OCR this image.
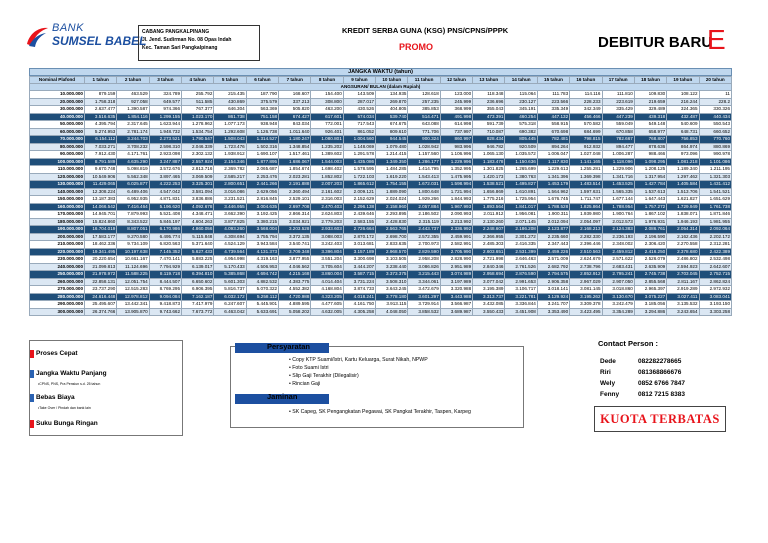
BANK
SUMSEL BABEL
CABANG PANGKALPINANG
Jl. Jend. Sudirman No. 08 Opas Indah
Kec. Taman Sari Pangkalpinang
KREDIT SERBA GUNA (KSG) PNS/CPNS/PPPK
PROMO	DEBITUR BARU
E
JANGKA WAKTU (tahun)
Nominal Plafond	1 tahun	2 tahun	3 tahun	4 tahun	5 tahun	6 tahun	7 tahun	8 tahun	9 tahun	10 tahun	11 tahun	12 tahun	13 tahun	14 tahun	15 tahun	16 tahun	17 tahun	18 tahun	19 tahun	20 tahun
ANGSURAN/ BULAN (dalam Rupiah)																				
10.000.000	879.159	463.529	324.789	255.792	215.435	187.790	168.607	154.400	143.509	134.935	128.618	123.000	118.348	115.064	111.783	114.116	111.810	109.830	108.122	11
20.000.000	1.758.318	927.058	649.577	511.585	430.869	375.579	337.213	308.800	287.017	269.870	257.235	245.999	236.696	230.127	223.566	228.233	223.619	219.659	216.244	228.2
30.000.000	2.637.477	1.390.587	974.366	767.377	646.304	563.369	505.820	463.200	430.526	404.805	385.853	368.999	355.043	345.191	335.349	342.349	335.429	329.489	324.365	330.326
40.000.000	3.516.635	1.854.116	1.299.155	1.023.170	861.738	751.158	674.427	617.601	574.034	539.740	514.471	491.998	473.391	460.254	447.132	456.466	447.239	439.318	432.487	440.434
50.000.000	4.395.794	2.317.645	1.623.944	1.278.962	1.077.173	938.948	843.034	772.001	717.543	674.675	643.088	614.998	591.739	575.318	558.915	570.582	559.049	549.148	540.609	550.543
60.000.000	5.274.953	2.781.174	1.948.732	1.534.754	1.292.608	1.126.738	1.011.640	926.401	861.052	809.610	771.706	737.997	710.087	690.382	670.698	684.699	670.858	658.977	648.731	660.652
70.000.000	6.154.112	3.244.703	2.273.521	1.790.547	1.508.043	1.314.527	1.180.247	1.080.801	1.004.560	944.545	900.324	860.997	828.434	805.445	782.481	798.815	782.667	768.807	756.853	770.760
80.000.000	7.033.271	3.708.232	2.598.310	2.046.339	1.723.476	1.502.316	1.348.854	1.235.202	1.148.069	1.079.480	1.028.942	983.996	946.782	920.509	894.264	912.932	894.477	878.636	864.974	880.869
90.000.000	7.912.430	4.171.761	2.923.098	2.302.132	1.938.912	1.690.107	1.517.461	1.389.602	1.291.578	1.214.415	1.157.560	1.106.996	1.065.130	1.035.572	1.006.047	1.027.048	1.006.287	988.466	973.096	990.978
100.000.000	8.791.589	4.635.290	3.247.887	2.557.924	2.154.346	1.877.895	1.686.067	1.544.003	1.435.086	1.349.350	1.286.177	1.229.996	1.183.478	1.150.636	1.117.830	1.141.165	1.118.096	1.098.295	1.081.218	1.101.086
110.000.000	9.670.748	5.098.819	3.572.676	2.813.716	2.369.782	2.065.687	1.854.674	1.698.402	1.578.595	1.484.285	1.414.795	1.352.995	1.301.825	1.265.699	1.229.613	1.255.281	1.229.906	1.208.125	1.189.340	1.211.195
120.000.000	10.549.906	5.562.348	3.897.465	3.069.509	2.585.217	2.253.476	2.023.281	1.852.802	1.722.103	1.619.220	1.543.413	1.475.995	1.420.173	1.380.763	1.341.396	1.369.398	1.341.716	1.317.954	1.297.462	1.321.303
130.000.000	11.429.065	6.025.877	4.222.253	3.325.301	2.800.651	2.441.266	2.191.888	2.007.203	1.865.612	1.754.155	1.672.031	1.598.994	1.538.521	1.495.827	1.453.179	1.483.514	1.453.525	1.427.784	1.405.584	1.431.412
140.000.000	12.308.224	6.489.406	4.547.042	3.581.094	3.016.086	2.629.056	2.360.494	2.161.602	2.009.121	1.889.090	1.800.648	1.721.994	1.656.869	1.610.891	1.564.962	1.597.631	1.565.335	1.537.613	1.513.706	1.541.521
150.000.000	13.187.383	6.952.935	4.871.831	3.836.886	3.231.521	2.816.845	2.529.101	2.316.003	2.152.629	2.024.024	1.929.266	1.844.993	1.775.216	1.725.954	1.676.745	1.711.747	1.677.144	1.647.443	1.621.827	1.651.629
160.000.000	14.066.542	7.416.464	5.196.620	4.092.678	3.446.955	3.004.635	2.697.708	2.470.403	2.296.138	2.158.960	2.057.884	1.967.993	1.893.564	1.841.017	1.788.528	1.825.864	1.788.954	1.757.272	1.729.949	1.761.738
170.000.000	14.945.701	7.879.993	5.521.408	4.348.471	3.662.390	3.192.425	2.866.314	2.624.803	2.439.646	2.293.895	2.186.502	2.090.993	2.011.912	1.956.081	1.900.311	1.939.980	1.900.764	1.867.102	1.838.071	1.871.846
180.000.000	15.824.860	8.343.522	5.846.197	4.604.263	3.877.825	3.380.215	3.034.921	2.779.203	2.583.155	2.428.830	2.315.119	2.213.992	2.130.260	2.071.145	2.012.094	2.054.097	2.012.573	1.976.931	1.946.193	1.981.955
190.000.000	16.704.019	8.807.051	6.170.986	4.860.056	4.093.260	3.568.004	3.203.528	2.933.603	2.726.664	2.563.765	2.443.737	2.336.992	2.248.607	2.186.208	2.123.877	2.168.213	2.124.383	2.086.761	2.054.314	2.092.064
200.000.000	17.583.177	9.270.580	6.495.774	5.115.848	4.308.694	3.755.794	3.372.135	3.088.003	2.870.172	2.698.700	2.572.355	2.459.991	2.366.955	2.301.272	2.235.660	2.282.330	2.236.193	2.196.590	2.162.436	2.202.172
210.000.000	18.462.336	9.734.109	6.820.563	5.371.640	4.524.129	3.943.584	3.540.741	3.242.403	3.013.681	2.833.635	2.700.973	2.582.991	2.485.303	2.416.335	2.347.443	2.396.446	2.348.002	2.306.420	2.270.558	2.312.281
220.000.000	19.341.495	10.197.638	7.145.352	5.627.433	4.739.564	4.131.373	3.709.348	3.396.804	3.157.189	2.968.570	2.829.590	2.705.990	2.603.651	2.531.399	2.459.226	2.510.563	2.459.812	2.416.250	2.378.680	2.422.389
230.000.000	20.220.654	10.661.167	7.470.141	5.883.225	4.954.998	4.319.163	3.877.955	3.551.204	3.300.698	3.103.505	2.958.208	2.828.990	2.721.998	2.646.463	2.571.009	2.624.679	2.571.622	2.526.079	2.486.802	2.532.498
240.000.000	21.099.813	11.124.696	7.794.929	6.139.017	5.170.433	4.506.953	4.046.562	3.705.604	3.444.207	3.238.440	3.086.826	2.951.989	2.840.346	2.761.526	2.682.792	2.738.796	2.683.431	2.635.909	2.594.923	2.642.607
250.000.000	21.978.972	11.588.225	8.119.718	6.394.810	5.385.868	4.694.742	4.215.168	3.860.004	3.587.715	3.373.375	3.215.443	3.074.989	2.958.694	2.876.590	2.794.575	2.852.912	2.795.241	2.745.738	2.703.045	2.752.715
260.000.000	22.858.131	12.051.754	8.444.507	6.650.602	5.601.303	4.882.532	4.383.775	4.014.404	3.731.224	3.508.310	3.344.061	3.197.989	3.077.042	2.991.653	2.906.358	2.967.029	2.907.050	2.855.568	2.811.167	2.862.824
270.000.000	23.737.290	12.515.283	8.769.295	6.906.395	5.816.737	5.070.322	4.552.382	4.168.804	3.874.733	3.643.245	3.472.679	3.320.988	3.195.389	3.106.717	3.018.141	3.081.145	3.018.860	2.965.397	2.919.289	2.972.932
280.000.000	24.616.448	12.978.812	9.094.084	7.162.187	6.032.172	5.258.112	4.720.988	4.323.205	4.018.241	3.778.180	3.601.297	3.443.988	3.313.737	3.221.781	3.129.924	3.195.262	3.130.670	3.075.227	3.027.411	3.083.041
290.000.000	25.495.607	13.442.341	9.418.873	7.417.979	6.247.607	5.445.901	4.889.595	4.477.605	4.161.750	3.913.115	3.729.914	3.566.987	3.432.085	3.336.844	3.241.707	3.309.378	3.242.479	3.185.056	3.135.532	3.193.150
300.000.000	26.374.766	13.905.870	9.743.662	7.673.772	6.463.042	5.633.691	5.058.202	4.632.005	4.305.258	4.048.050	3.858.532	3.689.987	3.550.433	3.451.908	3.353.490	3.423.495	3.354.289	3.294.886	3.243.654	3.303.258
Proses Cepat
Jangka Waktu Panjang
•CPNS, PNS, Pra Pensiun s.d. 25 tahun
Bebas Biaya
•Take Over / Pindah dan bank lain
Suku Bunga Ringan
Persyaratan
• Copy KTP Suami/Istri, Kartu Keluarga, Surat Nikah, NPWP
• Foto Suami Istri
• Slip Gaji Terakhir (Dilegalisir)
• Rincian Gaji
Jaminan
• SK Capeg, SK Pengangkatan Pegawai, SK Pangkat Terakhir, Taspen, Karpeg
Contact Person :
Dede	082282278665
Riri	081368866676
Wely	0852 6766 7847
Fenny	0812 7215 8383
KUOTA TERBATAS
